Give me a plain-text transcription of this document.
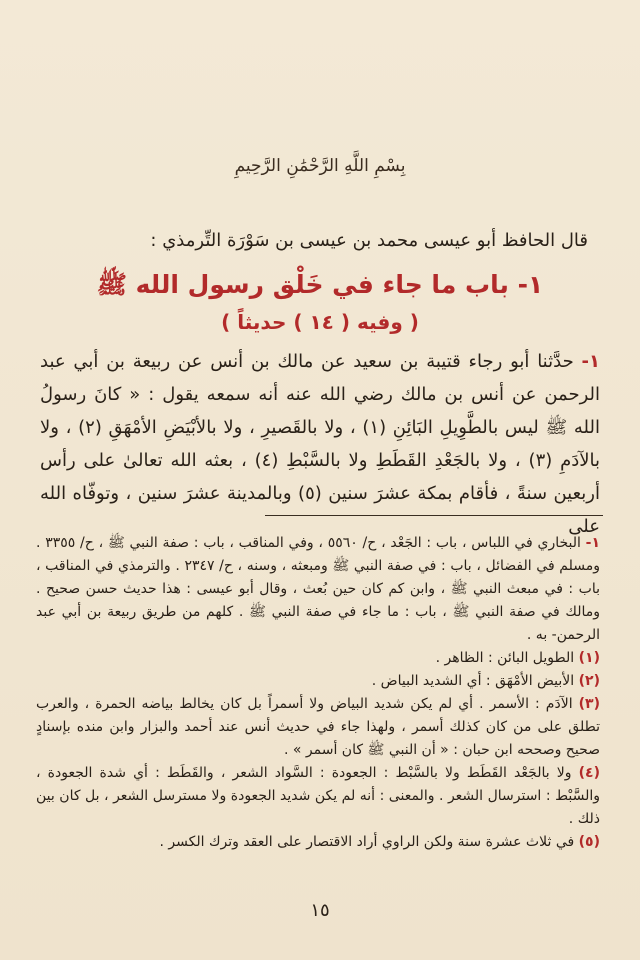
بِسْمِ اللَّهِ الرَّحْمَٰنِ الرَّحِيمِ
قال الحافظ أبو عيسى محمد بن عيسى بن سَوْرَة التِّرمذي :
١- باب ما جاء في خَلْق رسول الله ﷺ
( وفيه ( ١٤ ) حديثاً )
١- حدَّثنا أبو رجاء قتيبة بن سعيد عن مالك بن أنس عن ربيعة بن أبي عبد الرحمن عن أنس بن مالك رضي الله عنه أنه سمعه يقول : « كانَ رسولُ الله ﷺ ليس بالطَّوِيلِ البَائِنِ (١) ، ولا بالقَصيرِ ، ولا بالأبْيَضِ الأمْهَقِ (٢) ، ولا بالآدَمِ (٣) ، ولا بالجَعْدِ القَطَطِ ولا بالسَّبْطِ (٤) ، بعثه الله تعالىٰ على رأس أربعين سنةً ، فأقام بمكة عشرَ سنين (٥) وبالمدينة عشرَ سنين ، وتوفّاه الله على

١- البخاري في اللباس ، باب : الجَعْد ، ح/ ٥٥٦٠ ، وفي المناقب ، باب : صفة النبي ﷺ ، ح/ ٣٣٥٥ . ومسلم في الفضائل ، باب : في صفة النبي ﷺ ومبعثه ، وسنه ، ح/ ٢٣٤٧ . والترمذي في المناقب ، باب : في مبعث النبي ﷺ ، وابن كم كان حين بُعث ، وقال أبو عيسى : هذا حديث حسن صحيح . ومالك في صفة النبي ﷺ ، باب : ما جاء في صفة النبي ﷺ . كلهم من طريق ربيعة بن أبي عبد الرحمن- به .

(١) الطويل البائن : الظاهر .

(٢) الأبيض الأمْهَق : أي الشديد البياض .

(٣) الآدَم : الأسمر . أي لم يكن شديد البياض ولا أسمراً بل كان يخالط بياضه الحمرة ، والعرب تطلق على من كان كذلك أسمر ، ولهذا جاء في حديث أنس عند أحمد والبزار وابن منده بإسنادٍ صحيح وصححه ابن حبان : « أن النبي ﷺ كان أسمر » .

(٤) ولا بالجَعْد القَطَط ولا بالسَّبْط : الجعودة : السَّواد الشعر ، والقَطَط : أي شدة الجعودة ، والسَّبْط : استرسال الشعر . والمعنى : أنه لم يكن شديد الجعودة ولا مسترسل الشعر ، بل كان بين ذلك .

(٥) في ثلاث عشرة سنة ولكن الراوي أراد الاقتصار على العقد وترك الكسر .

١٥
